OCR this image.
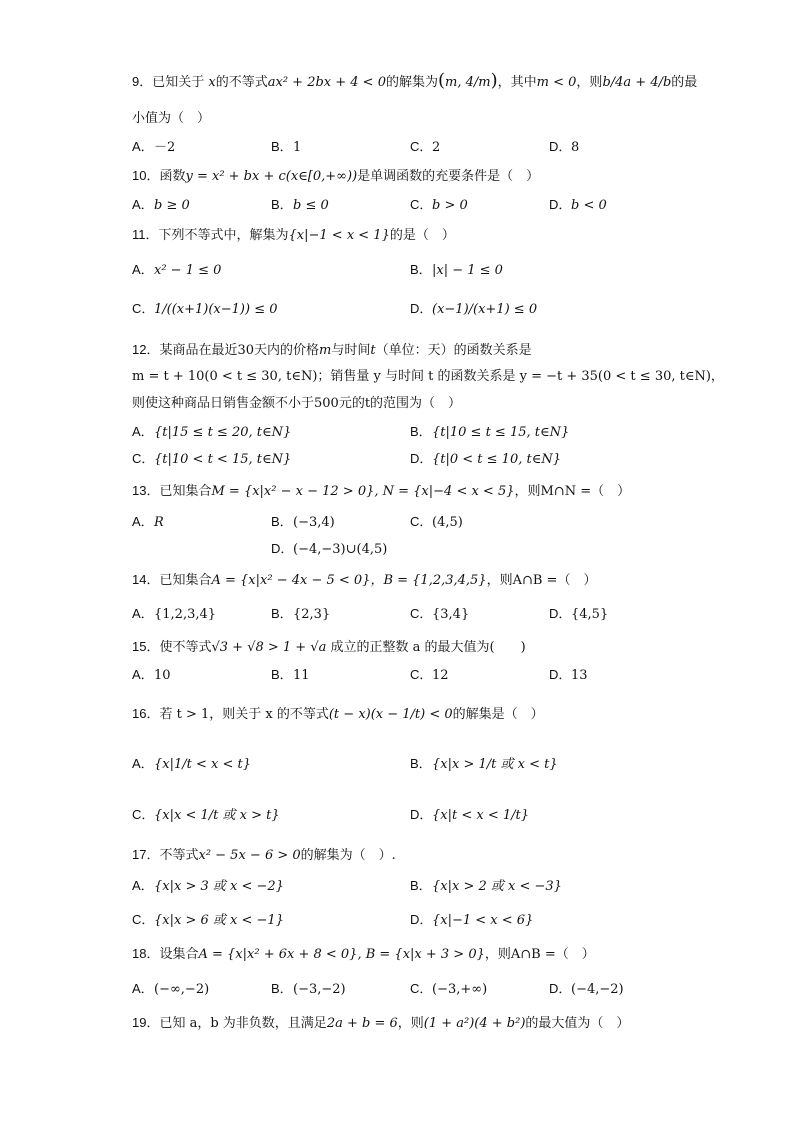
9．已知关于 x的不等式ax² + 2bx + 4 < 0的解集为(m, 4/m)，其中m < 0，则b/4a + 4/b的最
小值为（　）
A．－2	B．1	C．2	D．8
10．函数y = x² + bx + c(x∈[0,+∞))是单调函数的充要条件是（　）
A．b ≥ 0	B．b ≤ 0	C．b > 0	D．b < 0
11．下列不等式中，解集为{x|−1 < x < 1}的是（　）
A．x² − 1 ≤ 0	B．|x| − 1 ≤ 0
C．1/((x+1)(x−1)) ≤ 0	D．(x−1)/(x+1) ≤ 0
12．某商品在最近30天内的价格m与时间t（单位：天）的函数关系是
m = t + 10(0 < t ≤ 30, t∈N)；销售量 y 与时间 t 的函数关系是 y = −t + 35(0 < t ≤ 30, t∈N)，
则使这种商品日销售金额不小于500元的t的范围为（　）
A．{t|15 ≤ t ≤ 20, t∈N}	B．{t|10 ≤ t ≤ 15, t∈N}
C．{t|10 < t < 15, t∈N}	D．{t|0 < t ≤ 10, t∈N}
13．已知集合M = {x|x² − x − 12 > 0}, N = {x|−4 < x < 5}，则M∩N =（　）
A．R	B．(−3,4)	C．(4,5)
D．(−4,−3)∪(4,5)
14．已知集合A = {x|x² − 4x − 5 < 0}，B = {1,2,3,4,5}，则A∩B =（　）
A．{1,2,3,4}	B．{2,3}	C．{3,4}	D．{4,5}
15．使不等式√3 + √8 > 1 + √a 成立的正整数 a 的最大值为(　　)
A．10	B．11	C．12	D．13
16．若 t > 1，则关于 x 的不等式(t − x)(x − 1/t) < 0的解集是（　）
A．{x|1/t < x < t}	B．{x|x > 1/t 或 x < t}
C．{x|x < 1/t 或 x > t}	D．{x|t < x < 1/t}
17．不等式x² − 5x − 6 > 0的解集为（　）.
A．{x|x > 3 或 x < −2}	B．{x|x > 2 或 x < −3}
C．{x|x > 6 或 x < −1}	D．{x|−1 < x < 6}
18．设集合A = {x|x² + 6x + 8 < 0}, B = {x|x + 3 > 0}，则A∩B =（　）
A．(−∞,−2)	B．(−3,−2)	C．(−3,+∞)	D．(−4,−2)
19．已知 a，b 为非负数，且满足2a + b = 6，则(1 + a²)(4 + b²)的最大值为（　）
